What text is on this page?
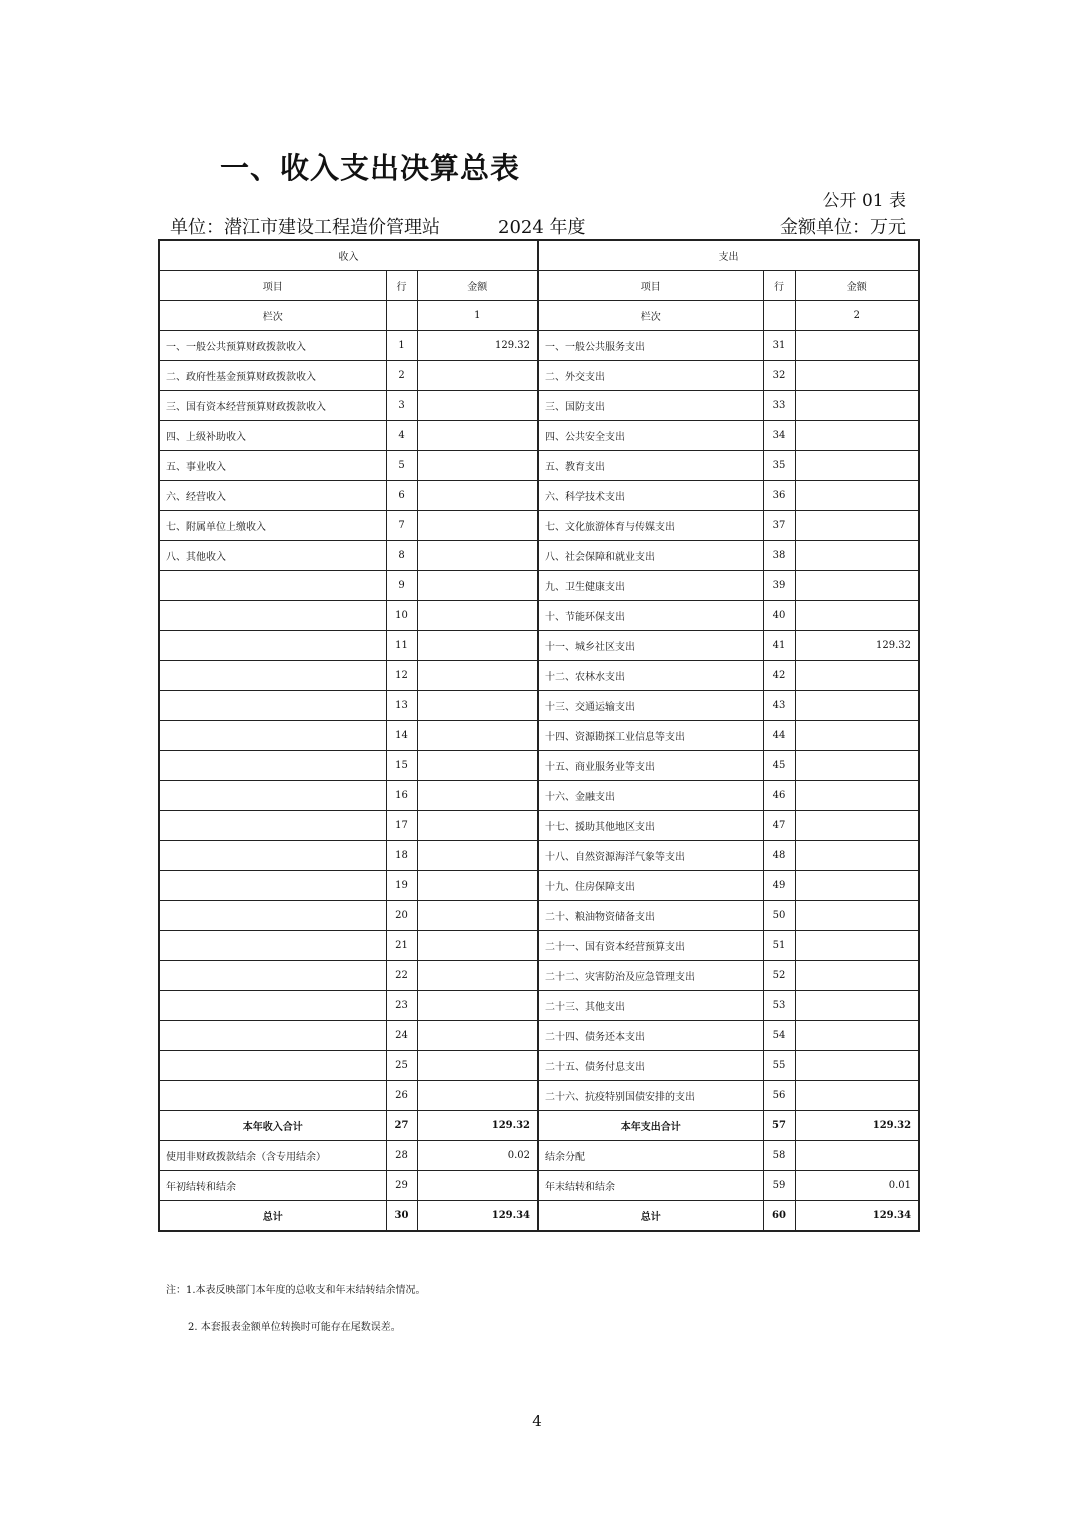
一、收入支出决算总表
公开 01 表
单位：潜江市建设工程造价管理站	2024 年度	金额单位：万元
收入			支出		
项目	行	金额	项目	行	金额
栏次		1	栏次		2
一、一般公共预算财政拨款收入	1	129.32	一、一般公共服务支出	31	
二、政府性基金预算财政拨款收入	2		二、外交支出	32	
三、国有资本经营预算财政拨款收入	3		三、国防支出	33	
四、上级补助收入	4		四、公共安全支出	34	
五、事业收入	5		五、教育支出	35	
六、经营收入	6		六、科学技术支出	36	
七、附属单位上缴收入	7		七、文化旅游体育与传媒支出	37	
八、其他收入	8		八、社会保障和就业支出	38	
	9		九、卫生健康支出	39	
	10		十、节能环保支出	40	
	11		十一、城乡社区支出	41	129.32
	12		十二、农林水支出	42	
	13		十三、交通运输支出	43	
	14		十四、资源勘探工业信息等支出	44	
	15		十五、商业服务业等支出	45	
	16		十六、金融支出	46	
	17		十七、援助其他地区支出	47	
	18		十八、自然资源海洋气象等支出	48	
	19		十九、住房保障支出	49	
	20		二十、粮油物资储备支出	50	
	21		二十一、国有资本经营预算支出	51	
	22		二十二、灾害防治及应急管理支出	52	
	23		二十三、其他支出	53	
	24		二十四、债务还本支出	54	
	25		二十五、债务付息支出	55	
	26		二十六、抗疫特别国债安排的支出	56	
本年收入合计	27	129.32	本年支出合计	57	129.32
使用非财政拨款结余（含专用结余）	28	0.02	结余分配	58	
年初结转和结余	29		年末结转和结余	59	0.01
总计	30	129.34	总计	60	129.34
注：1.本表反映部门本年度的总收支和年末结转结余情况。
2. 本套报表金额单位转换时可能存在尾数误差。
4
